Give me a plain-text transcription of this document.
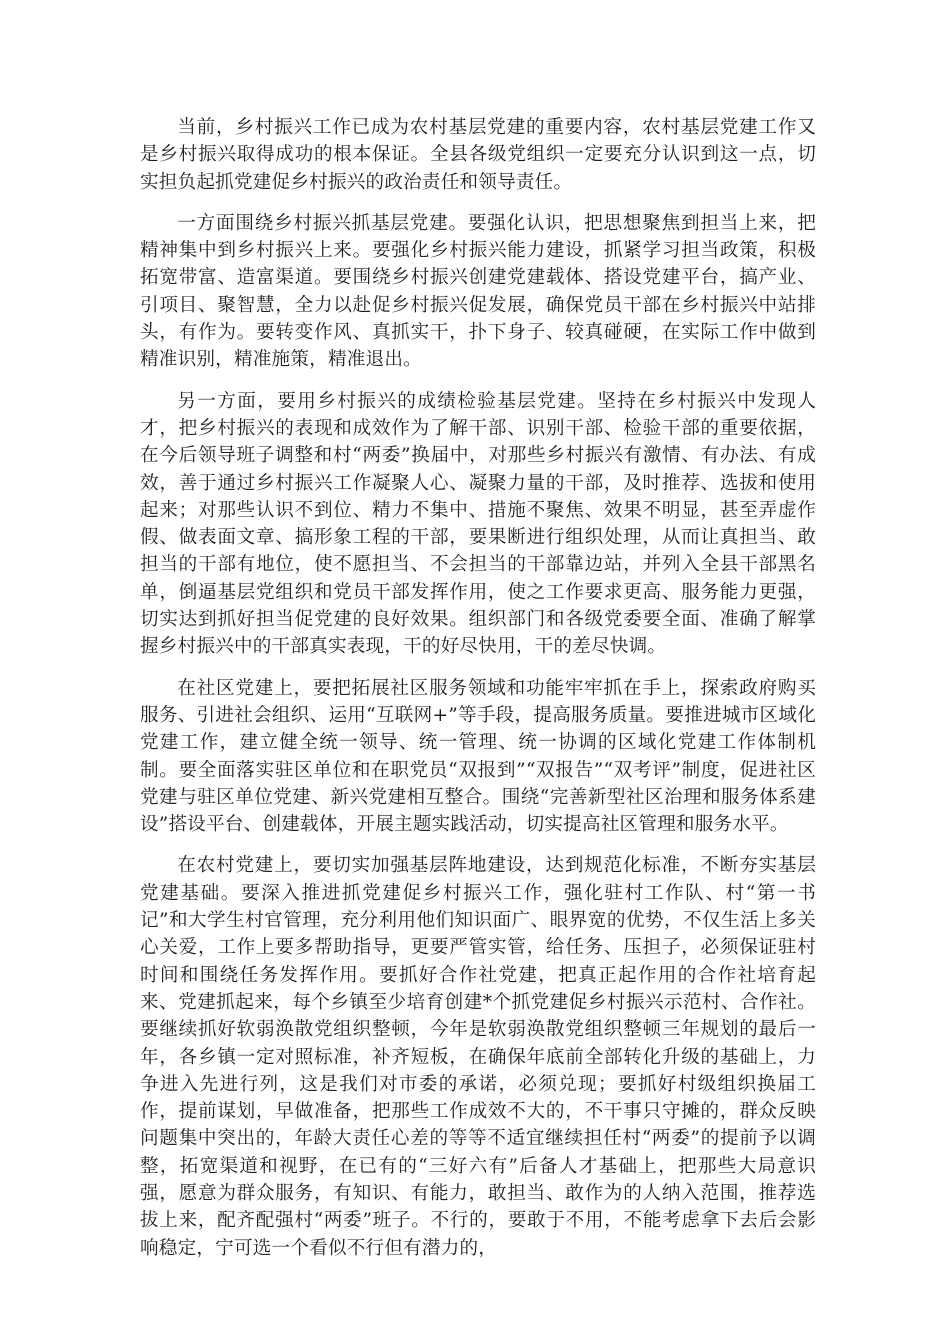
当前，乡村振兴工作已成为农村基层党建的重要内容，农村基层党建工作又是乡村振兴取得成功的根本保证。全县各级党组织一定要充分认识到这一点，切实担负起抓党建促乡村振兴的政治责任和领导责任。

一方面围绕乡村振兴抓基层党建。要强化认识，把思想聚焦到担当上来，把精神集中到乡村振兴上来。要强化乡村振兴能力建设，抓紧学习担当政策，积极拓宽带富、造富渠道。要围绕乡村振兴创建党建载体、搭设党建平台，搞产业、引项目、聚智慧，全力以赴促乡村振兴促发展，确保党员干部在乡村振兴中站排头，有作为。要转变作风、真抓实干，扑下身子、较真碰硬，在实际工作中做到精准识别，精准施策，精准退出。

另一方面，要用乡村振兴的成绩检验基层党建。坚持在乡村振兴中发现人才，把乡村振兴的表现和成效作为了解干部、识别干部、检验干部的重要依据，在今后领导班子调整和村“两委”换届中，对那些乡村振兴有激情、有办法、有成效，善于通过乡村振兴工作凝聚人心、凝聚力量的干部，及时推荐、选拔和使用起来；对那些认识不到位、精力不集中、措施不聚焦、效果不明显，甚至弄虚作假、做表面文章、搞形象工程的干部，要果断进行组织处理，从而让真担当、敢担当的干部有地位，使不愿担当、不会担当的干部靠边站，并列入全县干部黑名单，倒逼基层党组织和党员干部发挥作用，使之工作要求更高、服务能力更强，切实达到抓好担当促党建的良好效果。组织部门和各级党委要全面、准确了解掌握乡村振兴中的干部真实表现，干的好尽快用，干的差尽快调。

在社区党建上，要把拓展社区服务领域和功能牢牢抓在手上，探索政府购买服务、引进社会组织、运用“互联网+”等手段，提高服务质量。要推进城市区域化党建工作，建立健全统一领导、统一管理、统一协调的区域化党建工作体制机制。要全面落实驻区单位和在职党员“双报到”“双报告”“双考评”制度，促进社区党建与驻区单位党建、新兴党建相互整合。围绕“完善新型社区治理和服务体系建设”搭设平台、创建载体，开展主题实践活动，切实提高社区管理和服务水平。

在农村党建上，要切实加强基层阵地建设，达到规范化标准，不断夯实基层党建基础。要深入推进抓党建促乡村振兴工作，强化驻村工作队、村“第一书记”和大学生村官管理，充分利用他们知识面广、眼界宽的优势，不仅生活上多关心关爱，工作上要多帮助指导，更要严管实管，给任务、压担子，必须保证驻村时间和围绕任务发挥作用。要抓好合作社党建，把真正起作用的合作社培育起来、党建抓起来，每个乡镇至少培育创建*个抓党建促乡村振兴示范村、合作社。要继续抓好软弱涣散党组织整顿，今年是软弱涣散党组织整顿三年规划的最后一年，各乡镇一定对照标准，补齐短板，在确保年底前全部转化升级的基础上，力争进入先进行列，这是我们对市委的承诺，必须兑现；要抓好村级组织换届工作，提前谋划，早做准备，把那些工作成效不大的，不干事只守摊的，群众反映问题集中突出的，年龄大责任心差的等等不适宜继续担任村“两委”的提前予以调整，拓宽渠道和视野，在已有的“三好六有”后备人才基础上，把那些大局意识强，愿意为群众服务，有知识、有能力，敢担当、敢作为的人纳入范围，推荐选拔上来，配齐配强村“两委”班子。不行的，要敢于不用，不能考虑拿下去后会影响稳定，宁可选一个看似不行但有潜力的，
